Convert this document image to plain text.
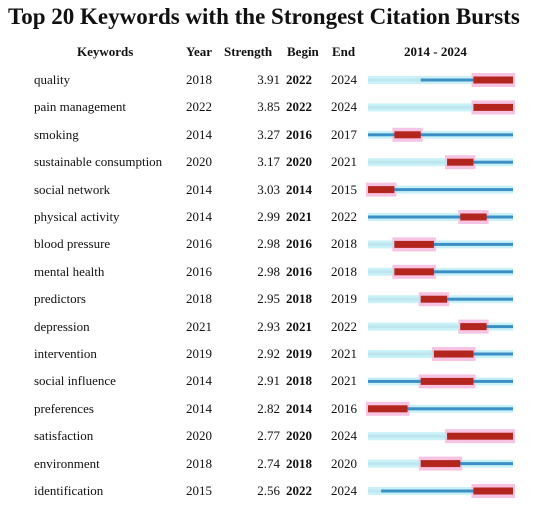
Top 20 Keywords with the Strongest Citation Bursts
Keywords	Year Strength Begin End	2014 - 2024
quality	2018	3.91 2022	2024
pain management	2022	3.85 2022	2024
smoking	2014	3.27 2016	2017
sustainable consumption	2020	3.17 2020	2021
social network	2014	3.03 2014	2015
physical activity	2014	2.99 2021	2022
blood pressure	2016	2.98 2016	2018
mental health	2016	2.98 2016	2018
predictors	2018	2.95 2018	2019
depression	2021	2.93 2021	2022
intervention	2019	2.92 2019	2021
social influence	2014	2.91 2018	2021
preferences	2014	2.82 2014	2016
satisfaction	2020	2.77 2020	2024
environment	2018	2.74 2018	2020
identification	2015	2.56 2022	2024
